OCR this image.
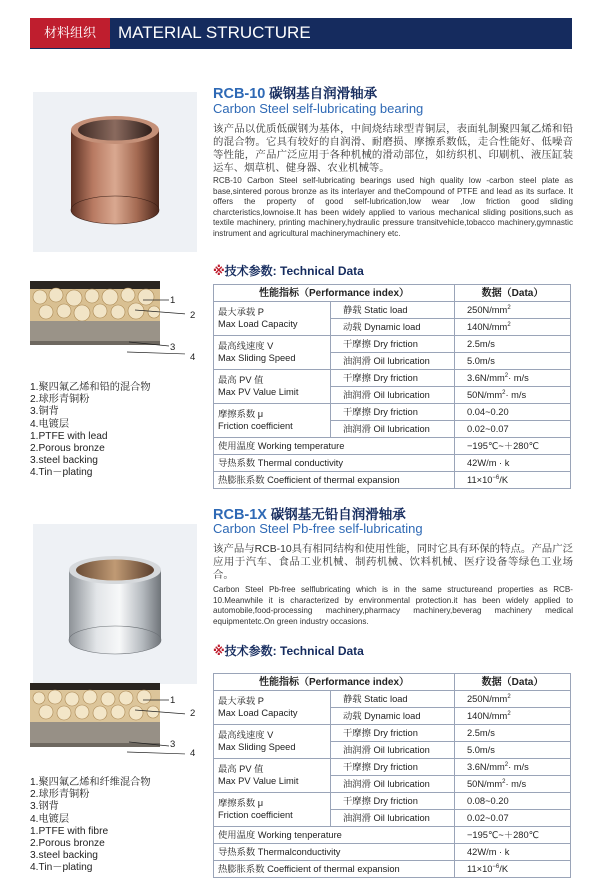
材料组织	MATERIAL STRUCTURE
1
2
3
4
1.聚四氟乙烯和铅的混合物
2.球形青铜粉
3.铜背
4.电镀层
1.PTFE with lead
2.Porous bronze
3.steel backing
4.Tin－plating
RCB-10 碳钢基自润滑轴承
Carbon Steel self-lubricating bearing
该产品以优质低碳钢为基体，中间烧结球型青铜层，表面轧制聚四氟乙烯和铅的混合物。它具有较好的自润滑、耐磨损、摩擦系数低，走合性能好、低噪音等性能，产品广泛应用于各种机械的滑动部位，如纺织机、印刷机、液压缸装运车、烟草机、健身器、农业机械等。
RCB-10 Carbon Steel self-lubricating bearings used high quality low -carbon steel plate as base,sintered porous bronze as its interlayer and theCompound of PTFE and lead as its surface. It offers the property of good self-lubrication,low wear ,low friction good sliding charcteristics,lownoise.It has been widely applied to various mechanical sliding positions,such as textile machinery, printing machinery,hydraulic pressure transitvehicle,tobacco machinery,gymnastic instrument and agricultural machinerymachinery etc.
※技术参数: Technical Data
性能指标（Performance index）		数据（Data）

最大承载 P
Max Load Capacity	静载 Static load	$250N/mm^2$
	动载 Dynamic load	$140N/mm^2$

最高线速度 V
Max Sliding Speed	干摩擦 Dry friction	2.5m/s
	油润滑 Oil lubrication	5.0m/s

最高 PV 值
Max PV Value Limit	干摩擦 Dry friction	$3.6N/mm^2\cdot m/s$
	油润滑 Oil lubrication	$50N/mm^2\cdot m/s$

摩擦系数 μ
Friction coefficient	干摩擦 Dry friction	0.04~0.20
	油润滑 Oil lubrication	0.02~0.07
使用温度 Working temperature		−195℃~＋280℃
导热系数 Thermal conductivity		42W/m · k
热膨胀系数 Coefficient of thermal expansion		$11\times 10^{-6}/K$
1
2
3
4
1.聚四氟乙烯和纤维混合物
2.球形青铜粉
3.钢背
4.电镀层
1.PTFE with fibre
2.Porous bronze
3.steel backing
4.Tin－plating
RCB-1X 碳钢基无铅自润滑轴承
Carbon Steel Pb-free self-lubricating
该产品与RCB-10具有相同结构和使用性能，同时它具有环保的特点。产品广泛应用于汽车、食品工业机械、制药机械、饮料机械、医疗设备等绿色工业场合。
Carbon Steel Pb-free selflubricating which is in the same structureand properties as RCB-10.Meanwhile it is characterized by environmental protection.it has been widely applied to automobile,food-processing machinery,pharmacy machinery,beverag machinery medical equipmentetc.On green industry occasions.
※技术参数: Technical Data
性能指标（Performance index）		数据（Data）

最大承载 P
Max Load Capacity	静载 Static load	$250N/mm^2$
	动载 Dynamic load	$140N/mm^2$

最高线速度 V
Max Sliding Speed	干摩擦 Dry friction	2.5m/s
	油润滑 Oil lubrication	5.0m/s

最高 PV 值
Max PV Value Limit	干摩擦 Dry friction	$3.6N/mm^2\cdot m/s$
	油润滑 Oil lubrication	$50N/mm^2\cdot m/s$

摩擦系数 μ
Friction coefficient	干摩擦 Dry friction	0.08~0.20
	油润滑 Oil lubrication	0.02~0.07
使用温度 Working tenperature		−195℃~＋280℃
导热系数 Thermalconductivity		42W/m · k
热膨胀系数 Coefficient of thermal expansion		$11\times 10^{-6}/K$
